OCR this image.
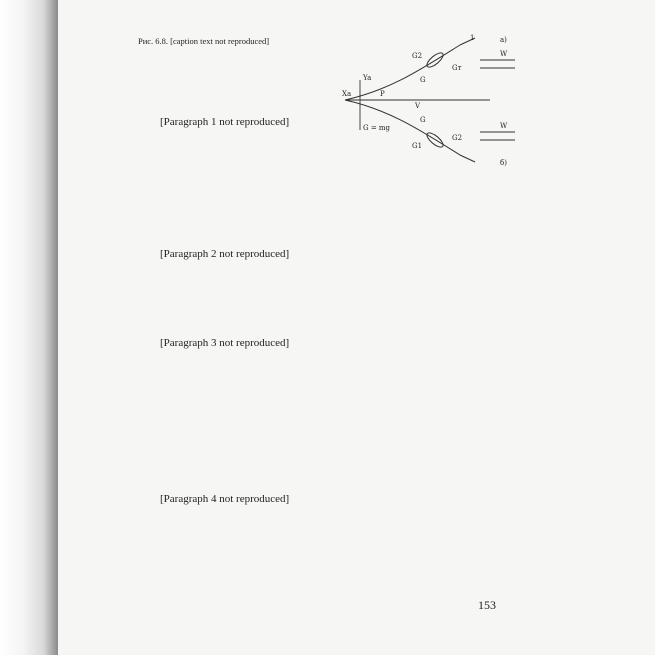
Рис. 6.8. [caption text not reproduced]	1	а)
б)
W
W
Ya
Xa	P
G = mg
V
G
G
Gт
G2
G2
G1

[Paragraph 1 not reproduced]

[Paragraph 2 not reproduced]

[Paragraph 3 not reproduced]

[Paragraph 4 not reproduced]

153
